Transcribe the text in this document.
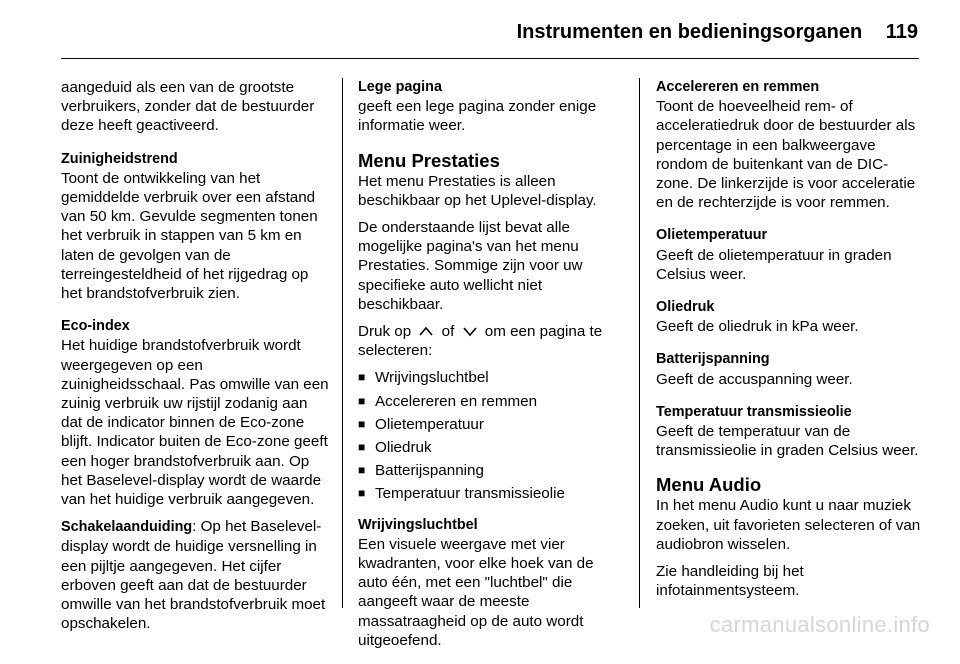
Instrumenten en bedieningsorganen 119

aangeduid als een van de grootste verbruikers, zonder dat de bestuurder deze heeft geactiveerd.

Zuinigheidstrend

Toont de ontwikkeling van het gemiddelde verbruik over een afstand van 50 km. Gevulde segmenten tonen het verbruik in stappen van 5 km en laten de gevolgen van de terreingesteldheid of het rijgedrag op het brandstofverbruik zien.

Eco-index

Het huidige brandstofverbruik wordt weergegeven op een zuinigheidsschaal. Pas omwille van een zuinig verbruik uw rijstijl zodanig aan dat de indicator binnen de Eco-zone blijft. Indicator buiten de Eco-zone geeft een hoger brandstofverbruik aan. Op het Baselevel-display wordt de waarde van het huidige verbruik aangegeven.

Schakelaanduiding: Op het Baselevel-display wordt de huidige versnelling in een pijltje aangegeven. Het cijfer erboven geeft aan dat de bestuurder omwille van het brandstofverbruik moet opschakelen.

Lege pagina

geeft een lege pagina zonder enige informatie weer.

Menu Prestaties

Het menu Prestaties is alleen beschikbaar op het Uplevel-display.

De onderstaande lijst bevat alle mogelijke pagina's van het menu Prestaties. Sommige zijn voor uw specifieke auto wellicht niet beschikbaar.

Druk op of om een pagina te selecteren:

■ Wrijvingsluchtbel
■ Accelereren en remmen
■ Olietemperatuur
■ Oliedruk
■ Batterijspanning
■ Temperatuur transmissieolie
Wrijvingsluchtbel

Een visuele weergave met vier kwadranten, voor elke hoek van de auto één, met een "luchtbel" die aangeeft waar de meeste massatraagheid op de auto wordt uitgeoefend.

Accelereren en remmen

Toont de hoeveelheid rem- of acceleratiedruk door de bestuurder als percentage in een balkweergave rondom de buitenkant van de DIC-zone. De linkerzijde is voor acceleratie en de rechterzijde is voor remmen.

Olietemperatuur

Geeft de olietemperatuur in graden Celsius weer.

Oliedruk

Geeft de oliedruk in kPa weer.

Batterijspanning

Geeft de accuspanning weer.

Temperatuur transmissieolie

Geeft de temperatuur van de transmissieolie in graden Celsius weer.

Menu Audio

In het menu Audio kunt u naar muziek zoeken, uit favorieten selecteren of van audiobron wisselen.

Zie handleiding bij het infotainmentsysteem.

carmanualsonline.info
